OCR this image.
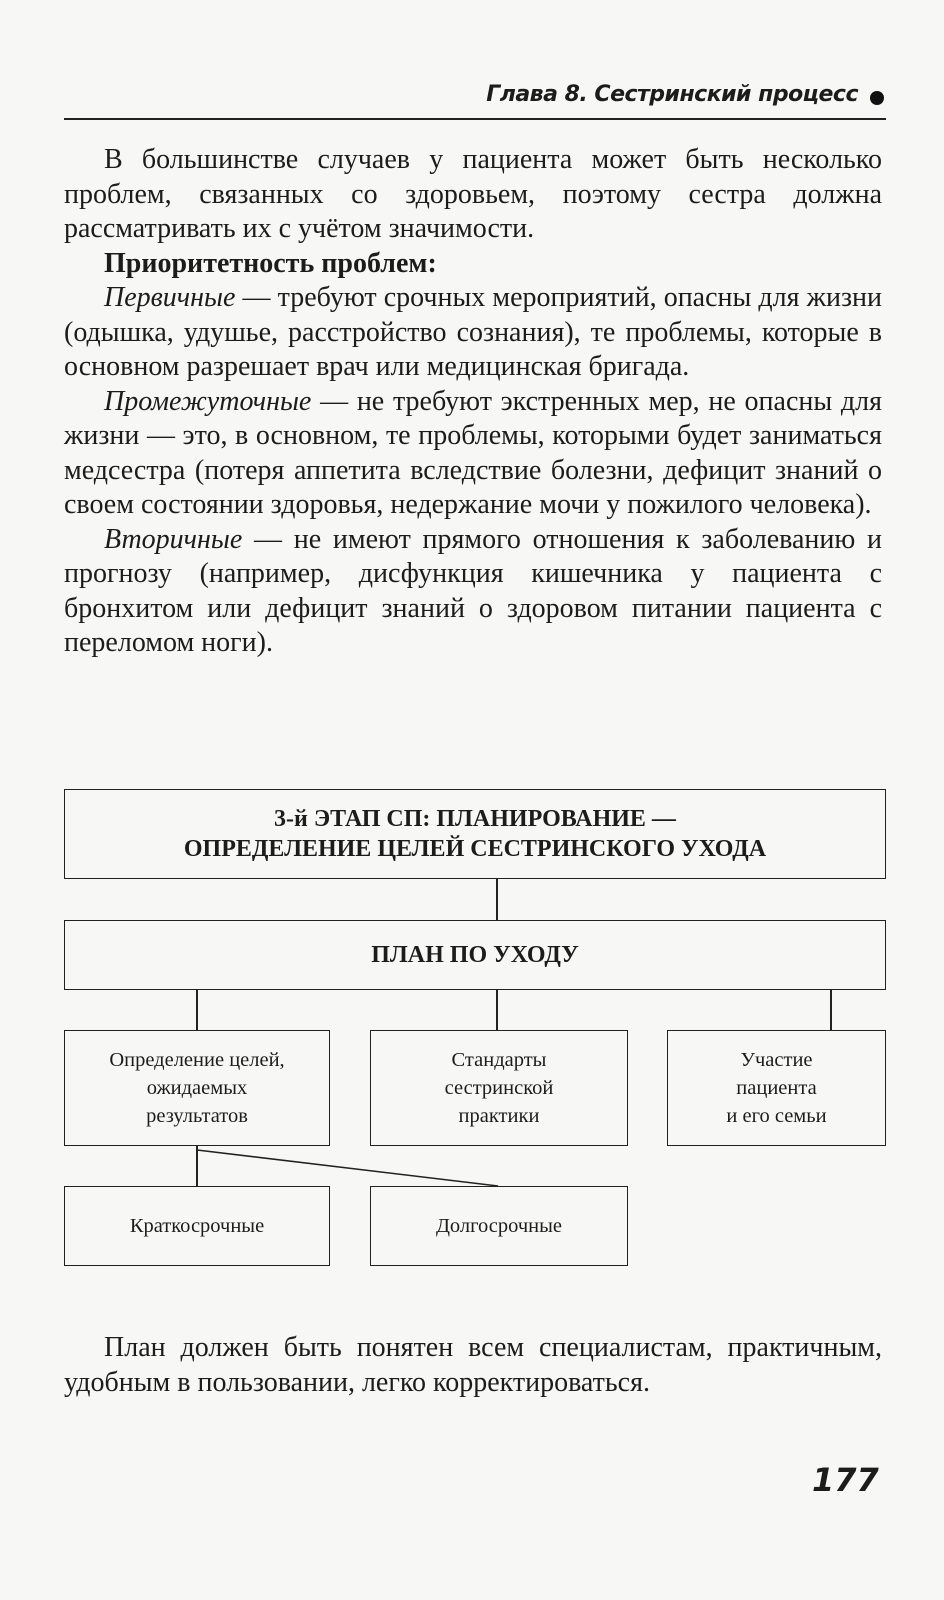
Глава 8. Сестринский процесс

В большинстве случаев у пациента может быть несколько проблем, связанных со здоровьем, поэтому сестра должна рассматривать их с учётом значимости.

Приоритетность проблем:

Первичные — требуют срочных мероприятий, опасны для жизни (одышка, удушье, расстройство сознания), те проблемы, которые в основном разрешает врач или медицинская бригада.

Промежуточные — не требуют экстренных мер, не опасны для жизни — это, в основном, те проблемы, которыми будет заниматься медсестра (потеря аппетита вследствие болезни, дефицит знаний о своем состоянии здоровья, недержание мочи у пожилого человека).

Вторичные — не имеют прямого отношения к заболеванию и прогнозу (например, дисфункция кишечника у пациента с бронхитом или дефицит знаний о здоровом питании пациента с переломом ноги).

3-й ЭТАП СП: ПЛАНИРОВАНИЕ —
ОПРЕДЕЛЕНИЕ ЦЕЛЕЙ СЕСТРИНСКОГО УХОДА
ПЛАН ПО УХОДУ
Определение целей,
ожидаемых
результатов
Стандарты
сестринской
практики
Участие
пациента
и его семьи
Краткосрочные	Долгосрочные

План должен быть понятен всем специалистам, практичным, удобным в пользовании, легко корректироваться.

177
